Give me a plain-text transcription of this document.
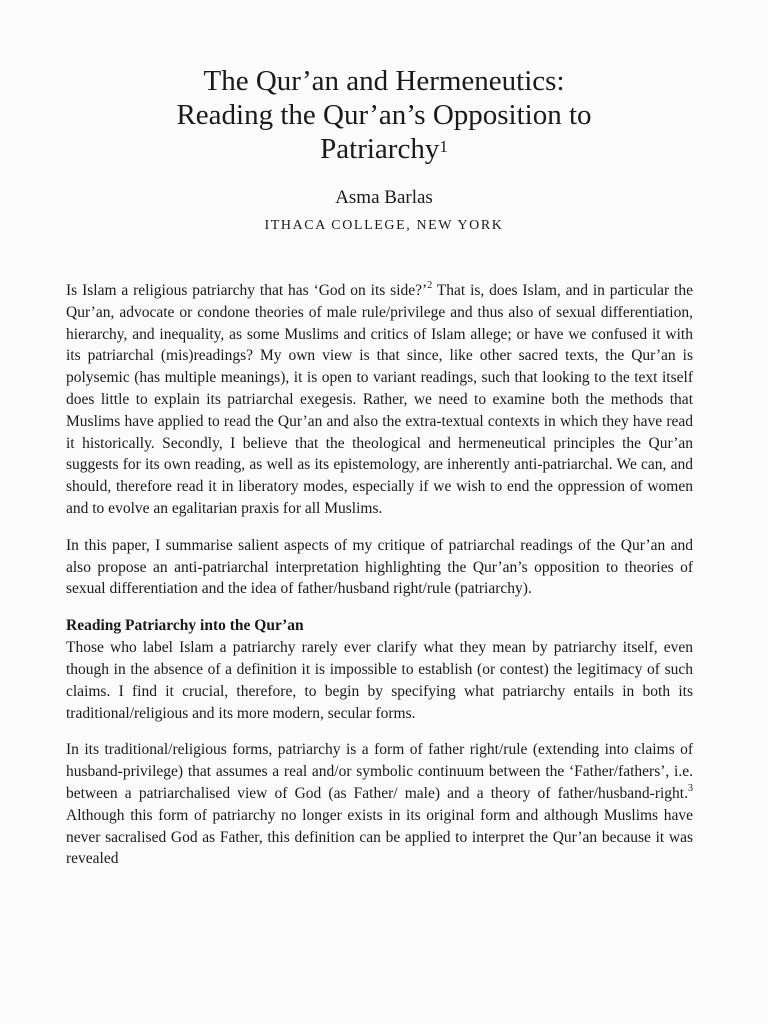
The Qur’an and Hermeneutics:
Reading the Qur’an’s Opposition to
Patriarchy$^1$
Asma Barlas
ITHACA COLLEGE, NEW YORK

Is Islam a religious patriarchy that has ‘God on its side?’$^2$ That is, does Islam, and in particular the Qur’an, advocate or condone theories of male rule/privilege and thus also of sexual differentiation, hierarchy, and inequality, as some Muslims and critics of Islam allege; or have we confused it with its patriarchal (mis)readings? My own view is that since, like other sacred texts, the Qur’an is polysemic (has multiple meanings), it is open to variant readings, such that looking to the text itself does little to explain its patriarchal exegesis. Rather, we need to examine both the methods that Muslims have applied to read the Qur’an and also the extra-textual contexts in which they have read it historically. Secondly, I believe that the theological and hermeneutical principles the Qur’an suggests for its own reading, as well as its epistemology, are inherently anti-patriarchal. We can, and should, therefore read it in liberatory modes, especially if we wish to end the oppression of women and to evolve an egalitarian praxis for all Muslims.

In this paper, I summarise salient aspects of my critique of patriarchal readings of the Qur’an and also propose an anti-patriarchal interpretation highlighting the Qur’an’s opposition to theories of sexual differentiation and the idea of father/husband right/rule (patriarchy).

Reading Patriarchy into the Qur’an

Those who label Islam a patriarchy rarely ever clarify what they mean by patriarchy itself, even though in the absence of a definition it is impossible to establish (or contest) the legitimacy of such claims. I find it crucial, therefore, to begin by specifying what patriarchy entails in both its traditional/religious and its more modern, secular forms.

In its traditional/religious forms, patriarchy is a form of father right/rule (extending into claims of husband-privilege) that assumes a real and/or symbolic continuum between the ‘Father/fathers’, i.e. between a patriarchalised view of God (as Father/ male) and a theory of father/husband-right.$^3$ Although this form of patriarchy no longer exists in its original form and although Muslims have never sacralised God as Father, this definition can be applied to interpret the Qur’an because it was revealed
